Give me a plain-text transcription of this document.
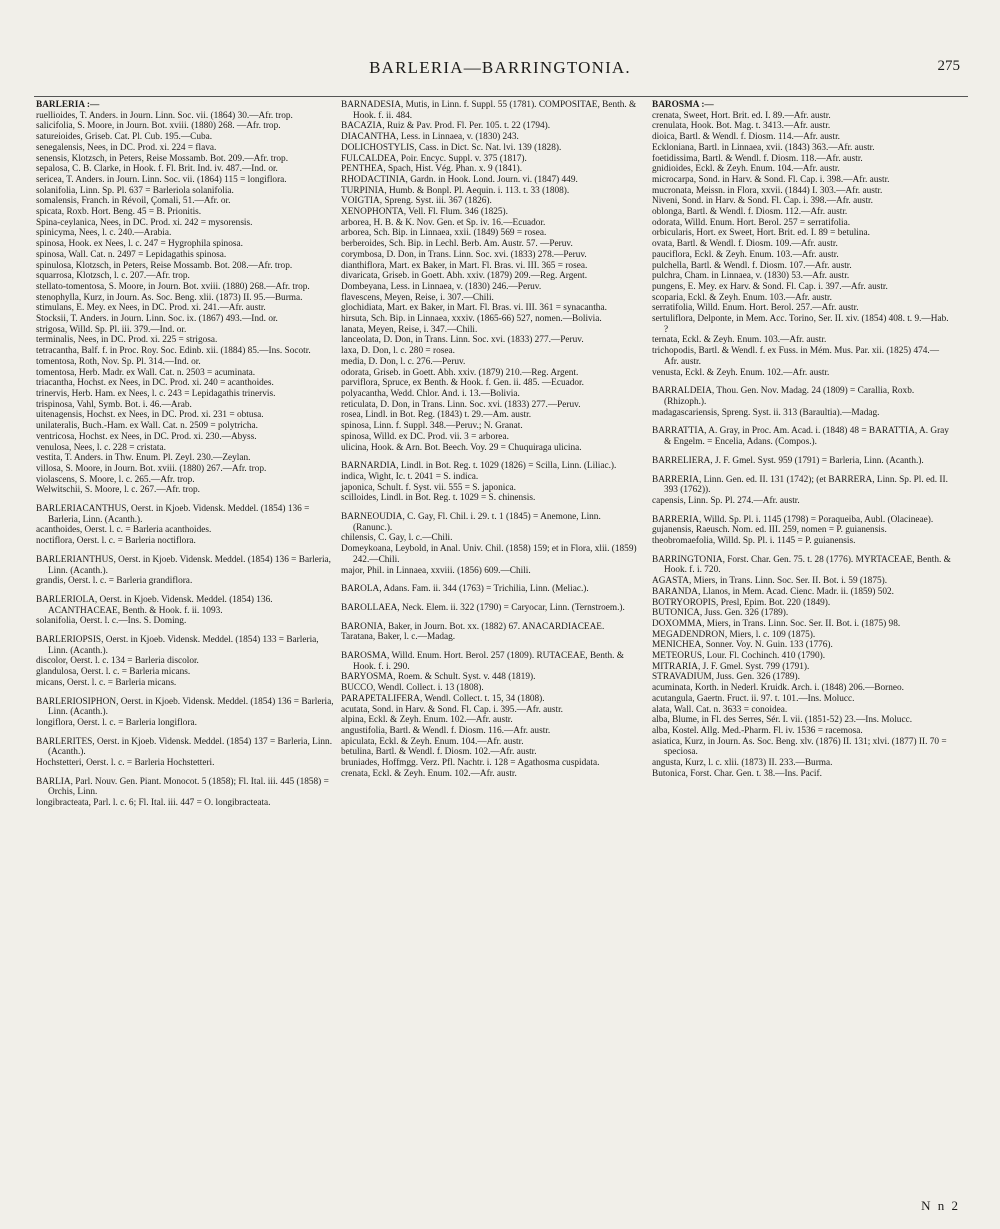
BARLERIA—BARRINGTONIA.	275

BARLERIA :—

ruellioides, T. Anders. in Journ. Linn. Soc. vii. (1864) 30.—Afr. trop.

salicifolia, S. Moore, in Journ. Bot. xviii. (1880) 268. —Afr. trop.

satureioides, Griseb. Cat. Pl. Cub. 195.—Cuba.

senegalensis, Nees, in DC. Prod. xi. 224 = flava.

senensis, Klotzsch, in Peters, Reise Mossamb. Bot. 209.—Afr. trop.

sepalosa, C. B. Clarke, in Hook. f. Fl. Brit. Ind. iv. 487.—Ind. or.

sericea, T. Anders. in Journ. Linn. Soc. vii. (1864) 115 = longiflora.

solanifolia, Linn. Sp. Pl. 637 = Barleriola solanifolia.

somalensis, Franch. in Révoil, Çomali, 51.—Afr. or.

spicata, Roxb. Hort. Beng. 45 = B. Prionitis.

Spina-ceylanica, Nees, in DC. Prod. xi. 242 = mysorensis.

spinicyma, Nees, l. c. 240.—Arabia.

spinosa, Hook. ex Nees, l. c. 247 = Hygrophila spinosa.

spinosa, Wall. Cat. n. 2497 = Lepidagathis spinosa.

spinulosa, Klotzsch, in Peters, Reise Mossamb. Bot. 208.—Afr. trop.

squarrosa, Klotzsch, l. c. 207.—Afr. trop.

stellato-tomentosa, S. Moore, in Journ. Bot. xviii. (1880) 268.—Afr. trop.

stenophylla, Kurz, in Journ. As. Soc. Beng. xlii. (1873) II. 95.—Burma.

stimulans, E. Mey. ex Nees, in DC. Prod. xi. 241.—Afr. austr.

Stocksii, T. Anders. in Journ. Linn. Soc. ix. (1867) 493.—Ind. or.

strigosa, Willd. Sp. Pl. iii. 379.—Ind. or.

terminalis, Nees, in DC. Prod. xi. 225 = strigosa.

tetracantha, Balf. f. in Proc. Roy. Soc. Edinb. xii. (1884) 85.—Ins. Socotr.

tomentosa, Roth, Nov. Sp. Pl. 314.—Ind. or.

tomentosa, Herb. Madr. ex Wall. Cat. n. 2503 = acuminata.

triacantha, Hochst. ex Nees, in DC. Prod. xi. 240 = acanthoides.

trinervis, Herb. Ham. ex Nees, l. c. 243 = Lepidagathis trinervis.

trispinosa, Vahl, Symb. Bot. i. 46.—Arab.

uitenagensis, Hochst. ex Nees, in DC. Prod. xi. 231 = obtusa.

unilateralis, Buch.-Ham. ex Wall. Cat. n. 2509 = polytricha.

ventricosa, Hochst. ex Nees, in DC. Prod. xi. 230.—Abyss.

venulosa, Nees, l. c. 228 = cristata.

vestita, T. Anders. in Thw. Enum. Pl. Zeyl. 230.—Zeylan.

villosa, S. Moore, in Journ. Bot. xviii. (1880) 267.—Afr. trop.

violascens, S. Moore, l. c. 265.—Afr. trop.

Welwitschii, S. Moore, l. c. 267.—Afr. trop.

BARLERIACANTHUS, Oerst. in Kjoeb. Vidensk. Meddel. (1854) 136 = Barleria, Linn. (Acanth.).

acanthoides, Oerst. l. c. = Barleria acanthoides.

noctiflora, Oerst. l. c. = Barleria noctiflora.

BARLERIANTHUS, Oerst. in Kjoeb. Vidensk. Meddel. (1854) 136 = Barleria, Linn. (Acanth.).

grandis, Oerst. l. c. = Barleria grandiflora.

BARLERIOLA, Oerst. in Kjoeb. Vidensk. Meddel. (1854) 136. ACANTHACEAE, Benth. & Hook. f. ii. 1093.

solanifolia, Oerst. l. c.—Ins. S. Doming.

BARLERIOPSIS, Oerst. in Kjoeb. Vidensk. Meddel. (1854) 133 = Barleria, Linn. (Acanth.).

discolor, Oerst. l. c. 134 = Barleria discolor.

glandulosa, Oerst. l. c. = Barleria micans.

micans, Oerst. l. c. = Barleria micans.

BARLERIOSIPHON, Oerst. in Kjoeb. Vidensk. Meddel. (1854) 136 = Barleria, Linn. (Acanth.).

longiflora, Oerst. l. c. = Barleria longiflora.

BARLERITES, Oerst. in Kjoeb. Vidensk. Meddel. (1854) 137 = Barleria, Linn. (Acanth.).

Hochstetteri, Oerst. l. c. = Barleria Hochstetteri.

BARLIA, Parl. Nouv. Gen. Piant. Monocot. 5 (1858); Fl. Ital. iii. 445 (1858) = Orchis, Linn.

longibracteata, Parl. l. c. 6; Fl. Ital. iii. 447 = O. longibracteata.

BARNADESIA, Mutis, in Linn. f. Suppl. 55 (1781). COMPOSITAE, Benth. & Hook. f. ii. 484.

BACAZIA, Ruiz & Pav. Prod. Fl. Per. 105. t. 22 (1794).

DIACANTHA, Less. in Linnaea, v. (1830) 243.

DOLICHOSTYLIS, Cass. in Dict. Sc. Nat. lvi. 139 (1828).

FULCALDEA, Poir. Encyc. Suppl. v. 375 (1817).

PENTHEA, Spach, Hist. Vég. Phan. x. 9 (1841).

RHODACTINIA, Gardn. in Hook. Lond. Journ. vi. (1847) 449.

TURPINIA, Humb. & Bonpl. Pl. Aequin. i. 113. t. 33 (1808).

VOIGTIA, Spreng. Syst. iii. 367 (1826).

XENOPHONTA, Vell. Fl. Flum. 346 (1825).

arborea, H. B. & K. Nov. Gen. et Sp. iv. 16.—Ecuador.

arborea, Sch. Bip. in Linnaea, xxii. (1849) 569 = rosea.

berberoides, Sch. Bip. in Lechl. Berb. Am. Austr. 57. —Peruv.

corymbosa, D. Don, in Trans. Linn. Soc. xvi. (1833) 278.—Peruv.

dianthiflora, Mart. ex Baker, in Mart. Fl. Bras. vi. III. 365 = rosea.

divaricata, Griseb. in Goett. Abh. xxiv. (1879) 209.—Reg. Argent.

Dombeyana, Less. in Linnaea, v. (1830) 246.—Peruv.

flavescens, Meyen, Reise, i. 307.—Chili.

glochidiata, Mart. ex Baker, in Mart. Fl. Bras. vi. III. 361 = synacantha.

hirsuta, Sch. Bip. in Linnaea, xxxiv. (1865-66) 527, nomen.—Bolivia.

lanata, Meyen, Reise, i. 347.—Chili.

lanceolata, D. Don, in Trans. Linn. Soc. xvi. (1833) 277.—Peruv.

laxa, D. Don, l. c. 280 = rosea.

media, D. Don, l. c. 276.—Peruv.

odorata, Griseb. in Goett. Abh. xxiv. (1879) 210.—Reg. Argent.

parviflora, Spruce, ex Benth. & Hook. f. Gen. ii. 485. —Ecuador.

polyacantha, Wedd. Chlor. And. i. 13.—Bolivia.

reticulata, D. Don, in Trans. Linn. Soc. xvi. (1833) 277.—Peruv.

rosea, Lindl. in Bot. Reg. (1843) t. 29.—Am. austr.

spinosa, Linn. f. Suppl. 348.—Peruv.; N. Granat.

spinosa, Willd. ex DC. Prod. vii. 3 = arborea.

ulicina, Hook. & Arn. Bot. Beech. Voy. 29 = Chuquiraga ulicina.

BARNARDIA, Lindl. in Bot. Reg. t. 1029 (1826) = Scilla, Linn. (Liliac.).

indica, Wight, Ic. t. 2041 = S. indica.

japonica, Schult. f. Syst. vii. 555 = S. japonica.

scilloides, Lindl. in Bot. Reg. t. 1029 = S. chinensis.

BARNEOUDIA, C. Gay, Fl. Chil. i. 29. t. 1 (1845) = Anemone, Linn. (Ranunc.).

chilensis, C. Gay, l. c.—Chili.

Domeykoana, Leybold, in Anal. Univ. Chil. (1858) 159; et in Flora, xlii. (1859) 242.—Chili.

major, Phil. in Linnaea, xxviii. (1856) 609.—Chili.

BAROLA, Adans. Fam. ii. 344 (1763) = Trichilia, Linn. (Meliac.).

BAROLLAEA, Neck. Elem. ii. 322 (1790) = Caryocar, Linn. (Ternstroem.).

BARONIA, Baker, in Journ. Bot. xx. (1882) 67. ANACARDIACEAE.

Taratana, Baker, l. c.—Madag.

BAROSMA, Willd. Enum. Hort. Berol. 257 (1809). RUTACEAE, Benth. & Hook. f. i. 290.

BARYOSMA, Roem. & Schult. Syst. v. 448 (1819).

BUCCO, Wendl. Collect. i. 13 (1808).

PARAPETALIFERA, Wendl. Collect. t. 15, 34 (1808).

acutata, Sond. in Harv. & Sond. Fl. Cap. i. 395.—Afr. austr.

alpina, Eckl. & Zeyh. Enum. 102.—Afr. austr.

angustifolia, Bartl. & Wendl. f. Diosm. 116.—Afr. austr.

apiculata, Eckl. & Zeyh. Enum. 104.—Afr. austr.

betulina, Bartl. & Wendl. f. Diosm. 102.—Afr. austr.

bruniades, Hoffmgg. Verz. Pfl. Nachtr. i. 128 = Agathosma cuspidata.

crenata, Eckl. & Zeyh. Enum. 102.—Afr. austr.

BAROSMA :—

crenata, Sweet, Hort. Brit. ed. I. 89.—Afr. austr.

crenulata, Hook. Bot. Mag. t. 3413.—Afr. austr.

dioica, Bartl. & Wendl. f. Diosm. 114.—Afr. austr.

Ecklonianа, Bartl. in Linnaea, xvii. (1843) 363.—Afr. austr.

foetidissima, Bartl. & Wendl. f. Diosm. 118.—Afr. austr.

gnidioides, Eckl. & Zeyh. Enum. 104.—Afr. austr.

microcarpa, Sond. in Harv. & Sond. Fl. Cap. i. 398.—Afr. austr.

mucronata, Meissn. in Flora, xxvii. (1844) I. 303.—Afr. austr.

Niveni, Sond. in Harv. & Sond. Fl. Cap. i. 398.—Afr. austr.

oblonga, Bartl. & Wendl. f. Diosm. 112.—Afr. austr.

odorata, Willd. Enum. Hort. Berol. 257 = serratifolia.

orbicularis, Hort. ex Sweet, Hort. Brit. ed. I. 89 = betulina.

ovata, Bartl. & Wendl. f. Diosm. 109.—Afr. austr.

pauciflora, Eckl. & Zeyh. Enum. 103.—Afr. austr.

pulchella, Bartl. & Wendl. f. Diosm. 107.—Afr. austr.

pulchra, Cham. in Linnaea, v. (1830) 53.—Afr. austr.

pungens, E. Mey. ex Harv. & Sond. Fl. Cap. i. 397.—Afr. austr.

scoparia, Eckl. & Zeyh. Enum. 103.—Afr. austr.

serratifolia, Willd. Enum. Hort. Berol. 257.—Afr. austr.

sertuliflora, Delponte, in Mem. Acc. Torino, Ser. II. xiv. (1854) 408. t. 9.—Hab. ?

ternata, Eckl. & Zeyh. Enum. 103.—Afr. austr.

trichopodis, Bartl. & Wendl. f. ex Fuss. in Mém. Mus. Par. xii. (1825) 474.—Afr. austr.

venusta, Eckl. & Zeyh. Enum. 102.—Afr. austr.

BARRALDEIA, Thou. Gen. Nov. Madag. 24 (1809) = Carallia, Roxb. (Rhizoph.).

madagascariensis, Spreng. Syst. ii. 313 (Baraultia).—Madag.

BARRATTIA, A. Gray, in Proc. Am. Acad. i. (1848) 48 = BARATTIA, A. Gray & Engelm. = Encelia, Adans. (Compos.).

BARRELIERA, J. F. Gmel. Syst. 959 (1791) = Barleria, Linn. (Acanth.).

BARRERIA, Linn. Gen. ed. II. 131 (1742); (et BARRERA, Linn. Sp. Pl. ed. II. 393 (1762)).

capensis, Linn. Sp. Pl. 274.—Afr. austr.

BARRERIA, Willd. Sp. Pl. i. 1145 (1798) = Poraqueiba, Aubl. (Olacineae).

gujanensis, Raeusch. Nom. ed. III. 259, nomen = P. guianensis.

theobromaefolia, Willd. Sp. Pl. i. 1145 = P. guianensis.

BARRINGTONIA, Forst. Char. Gen. 75. t. 28 (1776). MYRTACEAE, Benth. & Hook. f. i. 720.

AGASTA, Miers, in Trans. Linn. Soc. Ser. II. Bot. i. 59 (1875).

BARANDA, Llanos, in Mem. Acad. Cienc. Madr. ii. (1859) 502.

BOTRYOROPIS, Presl, Epim. Bot. 220 (1849).

BUTONICA, Juss. Gen. 326 (1789).

DOXOMMA, Miers, in Trans. Linn. Soc. Ser. II. Bot. i. (1875) 98.

MEGADENDRON, Miers, l. c. 109 (1875).

MENICHEA, Sonner. Voy. N. Guin. 133 (1776).

METEORUS, Lour. Fl. Cochinch. 410 (1790).

MITRARIA, J. F. Gmel. Syst. 799 (1791).

STRAVADIUM, Juss. Gen. 326 (1789).

acuminata, Korth. in Nederl. Kruidk. Arch. i. (1848) 206.—Borneo.

acutangula, Gaertn. Fruct. ii. 97. t. 101.—Ins. Molucc.

alata, Wall. Cat. n. 3633 = conoidea.

alba, Blume, in Fl. des Serres, Sér. I. vii. (1851-52) 23.—Ins. Molucc.

alba, Kostel. Allg. Med.-Pharm. Fl. iv. 1536 = racemosa.

asiatica, Kurz, in Journ. As. Soc. Beng. xlv. (1876) II. 131; xlvi. (1877) II. 70 = speciosa.

angusta, Kurz, l. c. xlii. (1873) II. 233.—Burma.

Butonica, Forst. Char. Gen. t. 38.—Ins. Pacif.

N n 2
